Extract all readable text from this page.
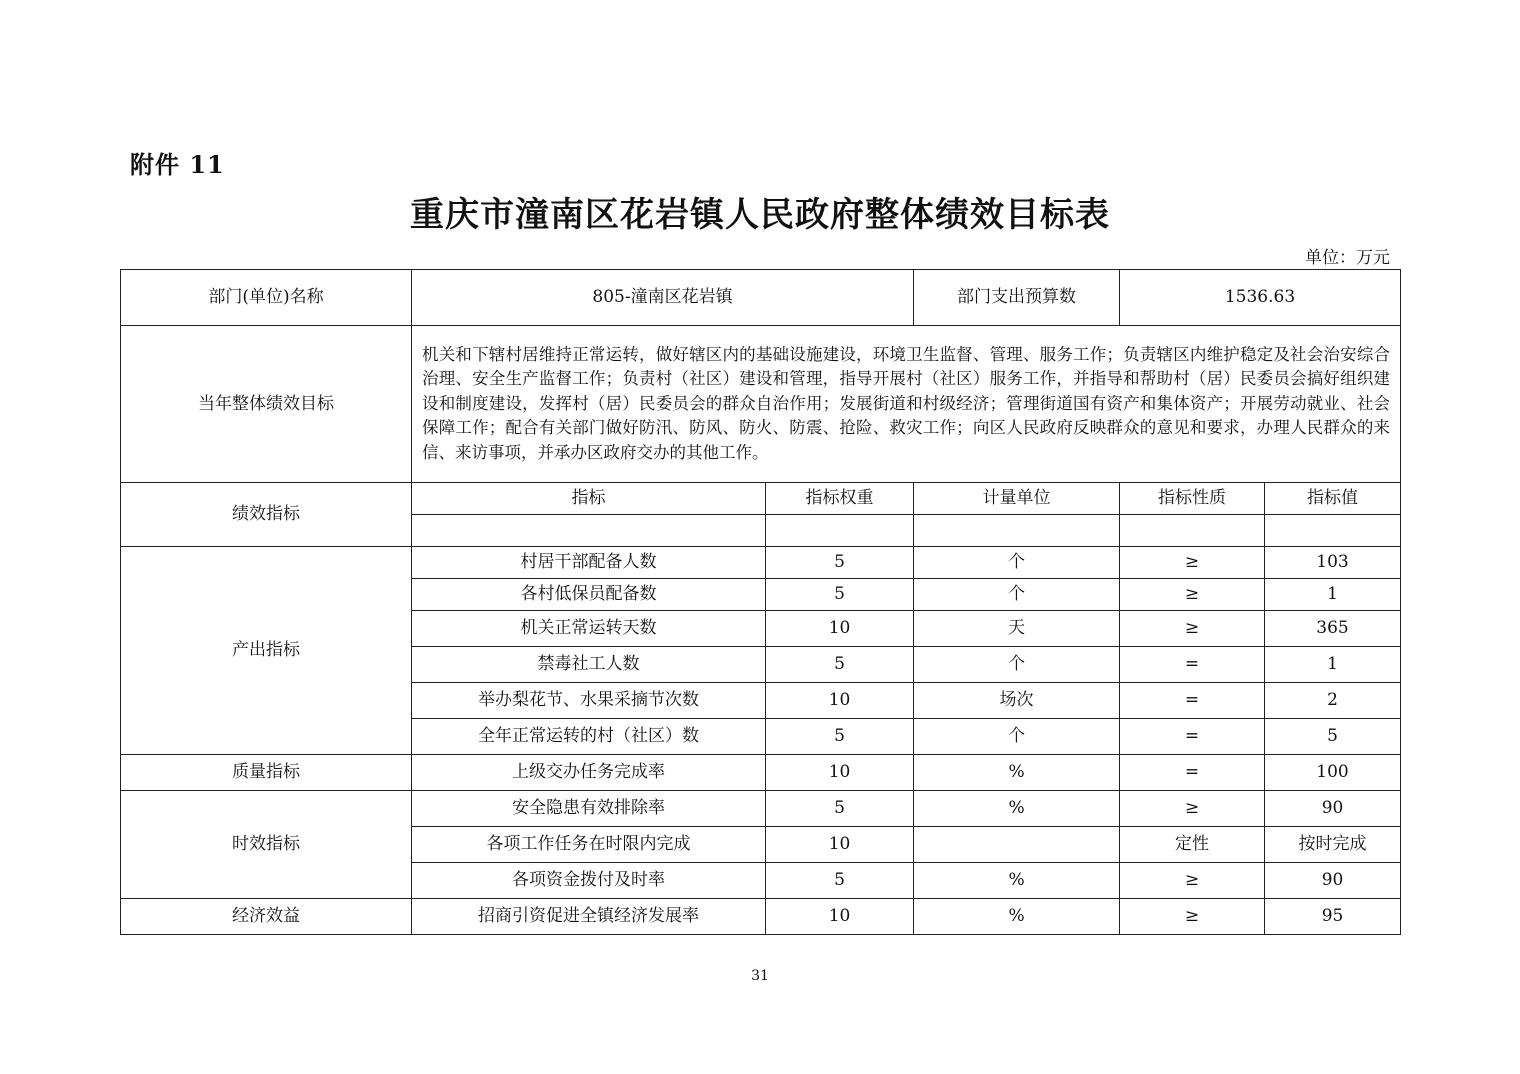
附件 11
重庆市潼南区花岩镇人民政府整体绩效目标表
单位：万元
部门(单位)名称	805-潼南区花岩镇		部门支出预算数	1536.63	
当年整体绩效目标	机关和下辖村居维持正常运转，做好辖区内的基础设施建设，环境卫生监督、管理、服务工作；负责辖区内维护稳定及社会治安综合治理、安全生产监督工作；负责村（社区）建设和管理，指导开展村（社区）服务工作，并指导和帮助村（居）民委员会搞好组织建设和制度建设，发挥村（居）民委员会的群众自治作用；发展街道和村级经济；管理街道国有资产和集体资产；开展劳动就业、社会保障工作；配合有关部门做好防汛、防风、防火、防震、抢险、救灾工作；向区人民政府反映群众的意见和要求，办理人民群众的来信、来访事项，并承办区政府交办的其他工作。				
绩效指标	指标	指标权重	计量单位	指标性质	指标值

产出指标	村居干部配备人数	5	个	≥	103
	各村低保员配备数	5	个	≥	1
	机关正常运转天数	10	天	≥	365
	禁毒社工人数	5	个	=	1
	举办梨花节、水果采摘节次数	10	场次	=	2
	全年正常运转的村（社区）数	5	个	=	5
质量指标	上级交办任务完成率	10	%	=	100
时效指标	安全隐患有效排除率	5	%	≥	90
	各项工作任务在时限内完成	10		定性	按时完成
	各项资金拨付及时率	5	%	≥	90
经济效益	招商引资促进全镇经济发展率	10	%	≥	95
31
